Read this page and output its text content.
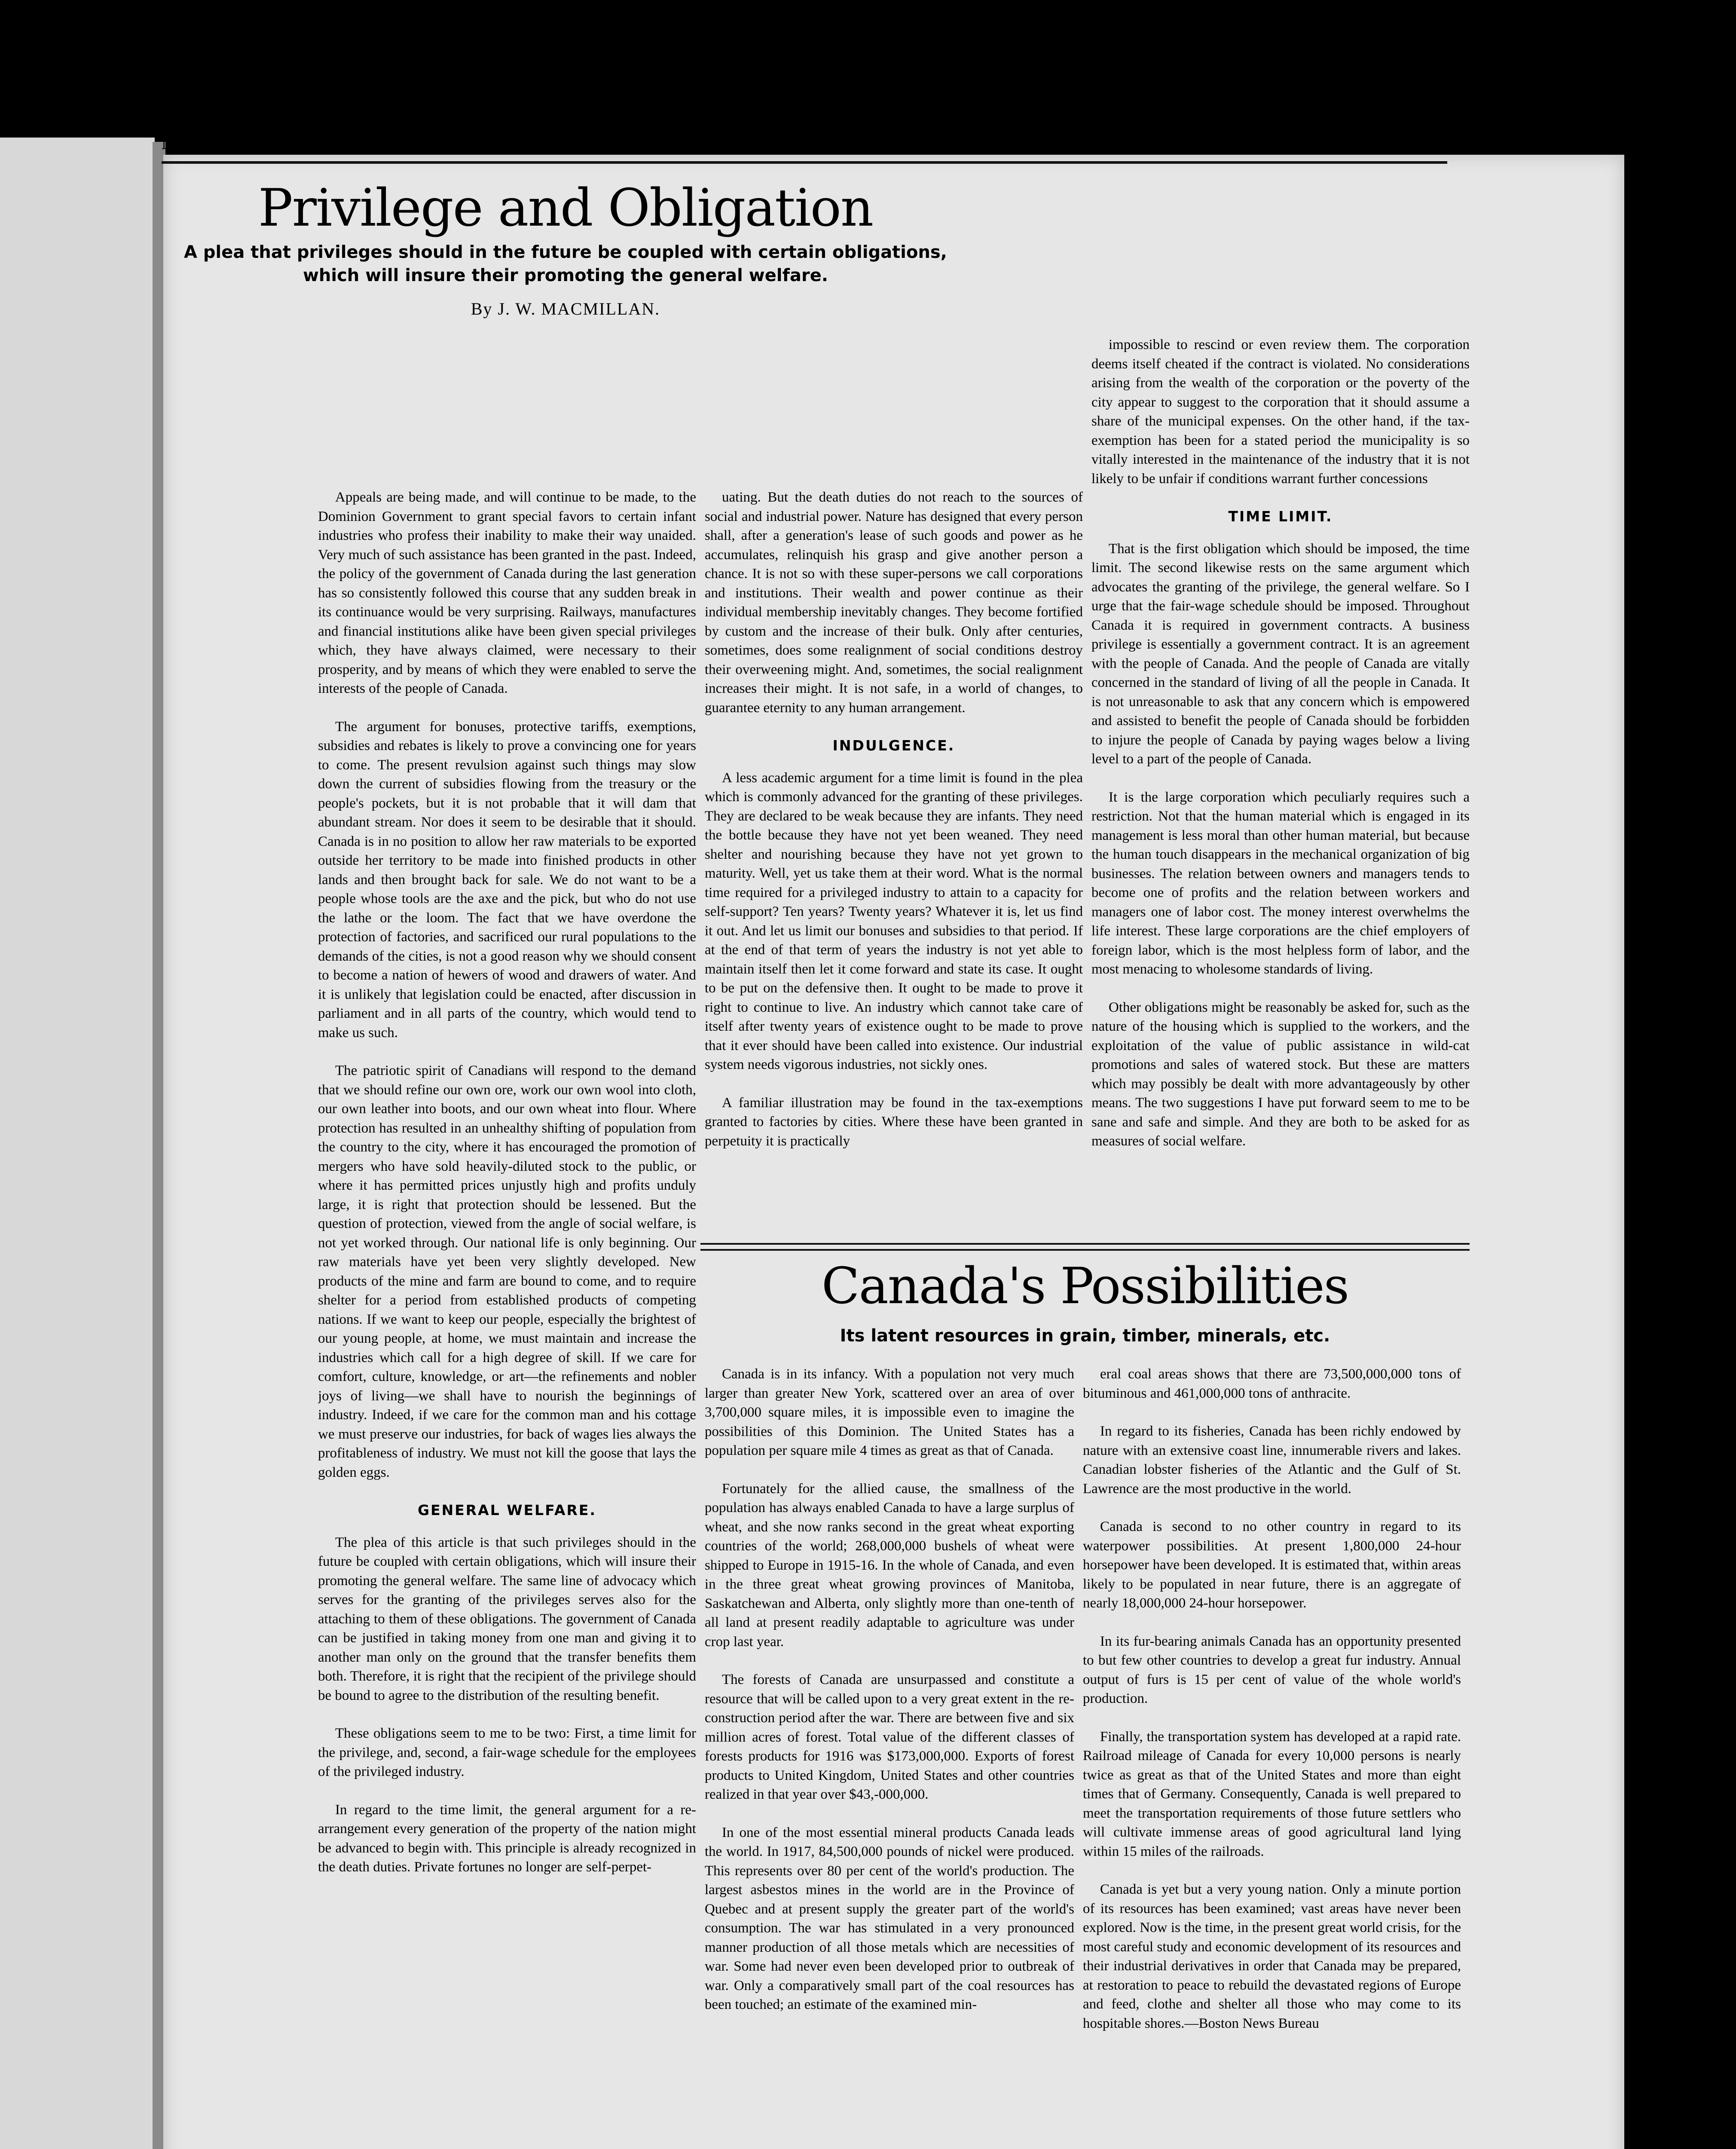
May 14, 1918	THE JOURNAL OF COMMERCE	5
Privilege and Obligation
A plea that privileges should in the future be coupled with certain obligations, which will insure their promoting the general welfare.
By J. W. MACMILLAN.

Appeals are being made, and will continue to be made, to the Dominion Government to grant special favors to certain infant industries who profess their inability to make their way unaided. Very much of such assistance has been granted in the past. Indeed, the policy of the government of Canada during the last generation has so consistently followed this course that any sudden break in its continuance would be very surprising. Railways, manufactures and financial institutions alike have been given special privileges which, they have always claimed, were necessary to their prosperity, and by means of which they were enabled to serve the interests of the people of Canada.

The argument for bonuses, protective tariffs, exemptions, subsidies and rebates is likely to prove a convincing one for years to come. The present revulsion against such things may slow down the current of subsidies flowing from the treasury or the people's pockets, but it is not probable that it will dam that abundant stream. Nor does it seem to be desirable that it should. Canada is in no position to allow her raw materials to be exported outside her territory to be made into finished products in other lands and then brought back for sale. We do not want to be a people whose tools are the axe and the pick, but who do not use the lathe or the loom. The fact that we have overdone the protection of factories, and sacrificed our rural populations to the demands of the cities, is not a good reason why we should consent to become a nation of hewers of wood and drawers of water. And it is unlikely that legislation could be enacted, after discussion in parliament and in all parts of the country, which would tend to make us such.

The patriotic spirit of Canadians will respond to the demand that we should refine our own ore, work our own wool into cloth, our own leather into boots, and our own wheat into flour. Where protection has resulted in an unhealthy shifting of population from the country to the city, where it has encouraged the promotion of mergers who have sold heavily-diluted stock to the public, or where it has permitted prices unjustly high and profits unduly large, it is right that protection should be lessened. But the question of protection, viewed from the angle of social welfare, is not yet worked through. Our national life is only beginning. Our raw materials have yet been very slightly developed. New products of the mine and farm are bound to come, and to require shelter for a period from established products of competing nations. If we want to keep our people, especially the brightest of our young people, at home, we must maintain and increase the industries which call for a high degree of skill. If we care for comfort, culture, knowledge, or art—the refinements and nobler joys of living—we shall have to nourish the beginnings of industry. Indeed, if we care for the common man and his cottage we must preserve our industries, for back of wages lies always the profitableness of industry. We must not kill the goose that lays the golden eggs.

GENERAL WELFARE.

The plea of this article is that such privileges should in the future be coupled with certain obligations, which will insure their promoting the general welfare. The same line of advocacy which serves for the granting of the privileges serves also for the attaching to them of these obligations. The government of Canada can be justified in taking money from one man and giving it to another man only on the ground that the transfer benefits them both. Therefore, it is right that the recipient of the privilege should be bound to agree to the distribution of the resulting benefit.

These obligations seem to me to be two: First, a time limit for the privilege, and, second, a fair-wage schedule for the employees of the privileged industry.

In regard to the time limit, the general argument for a re-arrangement every generation of the property of the nation might be advanced to begin with. This principle is already recognized in the death duties. Private fortunes no longer are self-perpet-

uating. But the death duties do not reach to the sources of social and industrial power. Nature has designed that every person shall, after a generation's lease of such goods and power as he accumulates, relinquish his grasp and give another person a chance. It is not so with these super-persons we call corporations and institutions. Their wealth and power continue as their individual membership inevitably changes. They become fortified by custom and the increase of their bulk. Only after centuries, sometimes, does some realignment of social conditions destroy their overweening might. And, sometimes, the social realignment increases their might. It is not safe, in a world of changes, to guarantee eternity to any human arrangement.

INDULGENCE.

A less academic argument for a time limit is found in the plea which is commonly advanced for the granting of these privileges. They are declared to be weak because they are infants. They need the bottle because they have not yet been weaned. They need shelter and nourishing because they have not yet grown to maturity. Well, yet us take them at their word. What is the normal time required for a privileged industry to attain to a capacity for self-support? Ten years? Twenty years? Whatever it is, let us find it out. And let us limit our bonuses and subsidies to that period. If at the end of that term of years the industry is not yet able to maintain itself then let it come forward and state its case. It ought to be put on the defensive then. It ought to be made to prove it right to continue to live. An industry which cannot take care of itself after twenty years of existence ought to be made to prove that it ever should have been called into existence. Our industrial system needs vigorous industries, not sickly ones.

A familiar illustration may be found in the tax-exemptions granted to factories by cities. Where these have been granted in perpetuity it is practically

impossible to rescind or even review them. The corporation deems itself cheated if the contract is violated. No considerations arising from the wealth of the corporation or the poverty of the city appear to suggest to the corporation that it should assume a share of the municipal expenses. On the other hand, if the tax-exemption has been for a stated period the municipality is so vitally interested in the maintenance of the industry that it is not likely to be unfair if conditions warrant further concessions

TIME LIMIT.

That is the first obligation which should be imposed, the time limit. The second likewise rests on the same argument which advocates the granting of the privilege, the general welfare. So I urge that the fair-wage schedule should be imposed. Throughout Canada it is required in government contracts. A business privilege is essentially a government contract. It is an agreement with the people of Canada. And the people of Canada are vitally concerned in the standard of living of all the people in Canada. It is not unreasonable to ask that any concern which is empowered and assisted to benefit the people of Canada should be forbidden to injure the people of Canada by paying wages below a living level to a part of the people of Canada.

It is the large corporation which peculiarly requires such a restriction. Not that the human material which is engaged in its management is less moral than other human material, but because the human touch disappears in the mechanical organization of big businesses. The relation between owners and managers tends to become one of profits and the relation between workers and managers one of labor cost. The money interest overwhelms the life interest. These large corporations are the chief employers of foreign labor, which is the most helpless form of labor, and the most menacing to wholesome standards of living.

Other obligations might be reasonably be asked for, such as the nature of the housing which is supplied to the workers, and the exploitation of the value of public assistance in wild-cat promotions and sales of watered stock. But these are matters which may possibly be dealt with more advantageously by other means. The two suggestions I have put forward seem to me to be sane and safe and simple. And they are both to be asked for as measures of social welfare.

Canada's Possibilities
Its latent resources in grain, timber, minerals, etc.

Canada is in its infancy. With a population not very much larger than greater New York, scattered over an area of over 3,700,000 square miles, it is impossible even to imagine the possibilities of this Dominion. The United States has a population per square mile 4 times as great as that of Canada.

Fortunately for the allied cause, the smallness of the population has always enabled Canada to have a large surplus of wheat, and she now ranks second in the great wheat exporting countries of the world; 268,000,000 bushels of wheat were shipped to Europe in 1915-16. In the whole of Canada, and even in the three great wheat growing provinces of Manitoba, Saskatchewan and Alberta, only slightly more than one-tenth of all land at present readily adaptable to agriculture was under crop last year.

The forests of Canada are unsurpassed and constitute a resource that will be called upon to a very great extent in the re-construction period after the war. There are between five and six million acres of forest. Total value of the different classes of forests products for 1916 was $173,000,000. Exports of forest products to United Kingdom, United States and other countries realized in that year over $43,-000,000.

In one of the most essential mineral products Canada leads the world. In 1917, 84,500,000 pounds of nickel were produced. This represents over 80 per cent of the world's production. The largest asbestos mines in the world are in the Province of Quebec and at present supply the greater part of the world's consumption. The war has stimulated in a very pronounced manner production of all those metals which are necessities of war. Some had never even been developed prior to outbreak of war. Only a comparatively small part of the coal resources has been touched; an estimate of the examined min-

eral coal areas shows that there are 73,500,000,000 tons of bituminous and 461,000,000 tons of anthracite.

In regard to its fisheries, Canada has been richly endowed by nature with an extensive coast line, innumerable rivers and lakes. Canadian lobster fisheries of the Atlantic and the Gulf of St. Lawrence are the most productive in the world.

Canada is second to no other country in regard to its waterpower possibilities. At present 1,800,000 24-hour horsepower have been developed. It is estimated that, within areas likely to be populated in near future, there is an aggregate of nearly 18,000,000 24-hour horsepower.

In its fur-bearing animals Canada has an opportunity presented to but few other countries to develop a great fur industry. Annual output of furs is 15 per cent of value of the whole world's production.

Finally, the transportation system has developed at a rapid rate. Railroad mileage of Canada for every 10,000 persons is nearly twice as great as that of the United States and more than eight times that of Germany. Consequently, Canada is well prepared to meet the transportation requirements of those future settlers who will cultivate immense areas of good agricultural land lying within 15 miles of the railroads.

Canada is yet but a very young nation. Only a minute portion of its resources has been examined; vast areas have never been explored. Now is the time, in the present great world crisis, for the most careful study and economic development of its resources and their industrial derivatives in order that Canada may be prepared, at restoration to peace to rebuild the devastated regions of Europe and feed, clothe and shelter all those who may come to its hospitable shores.—Boston News Bureau
